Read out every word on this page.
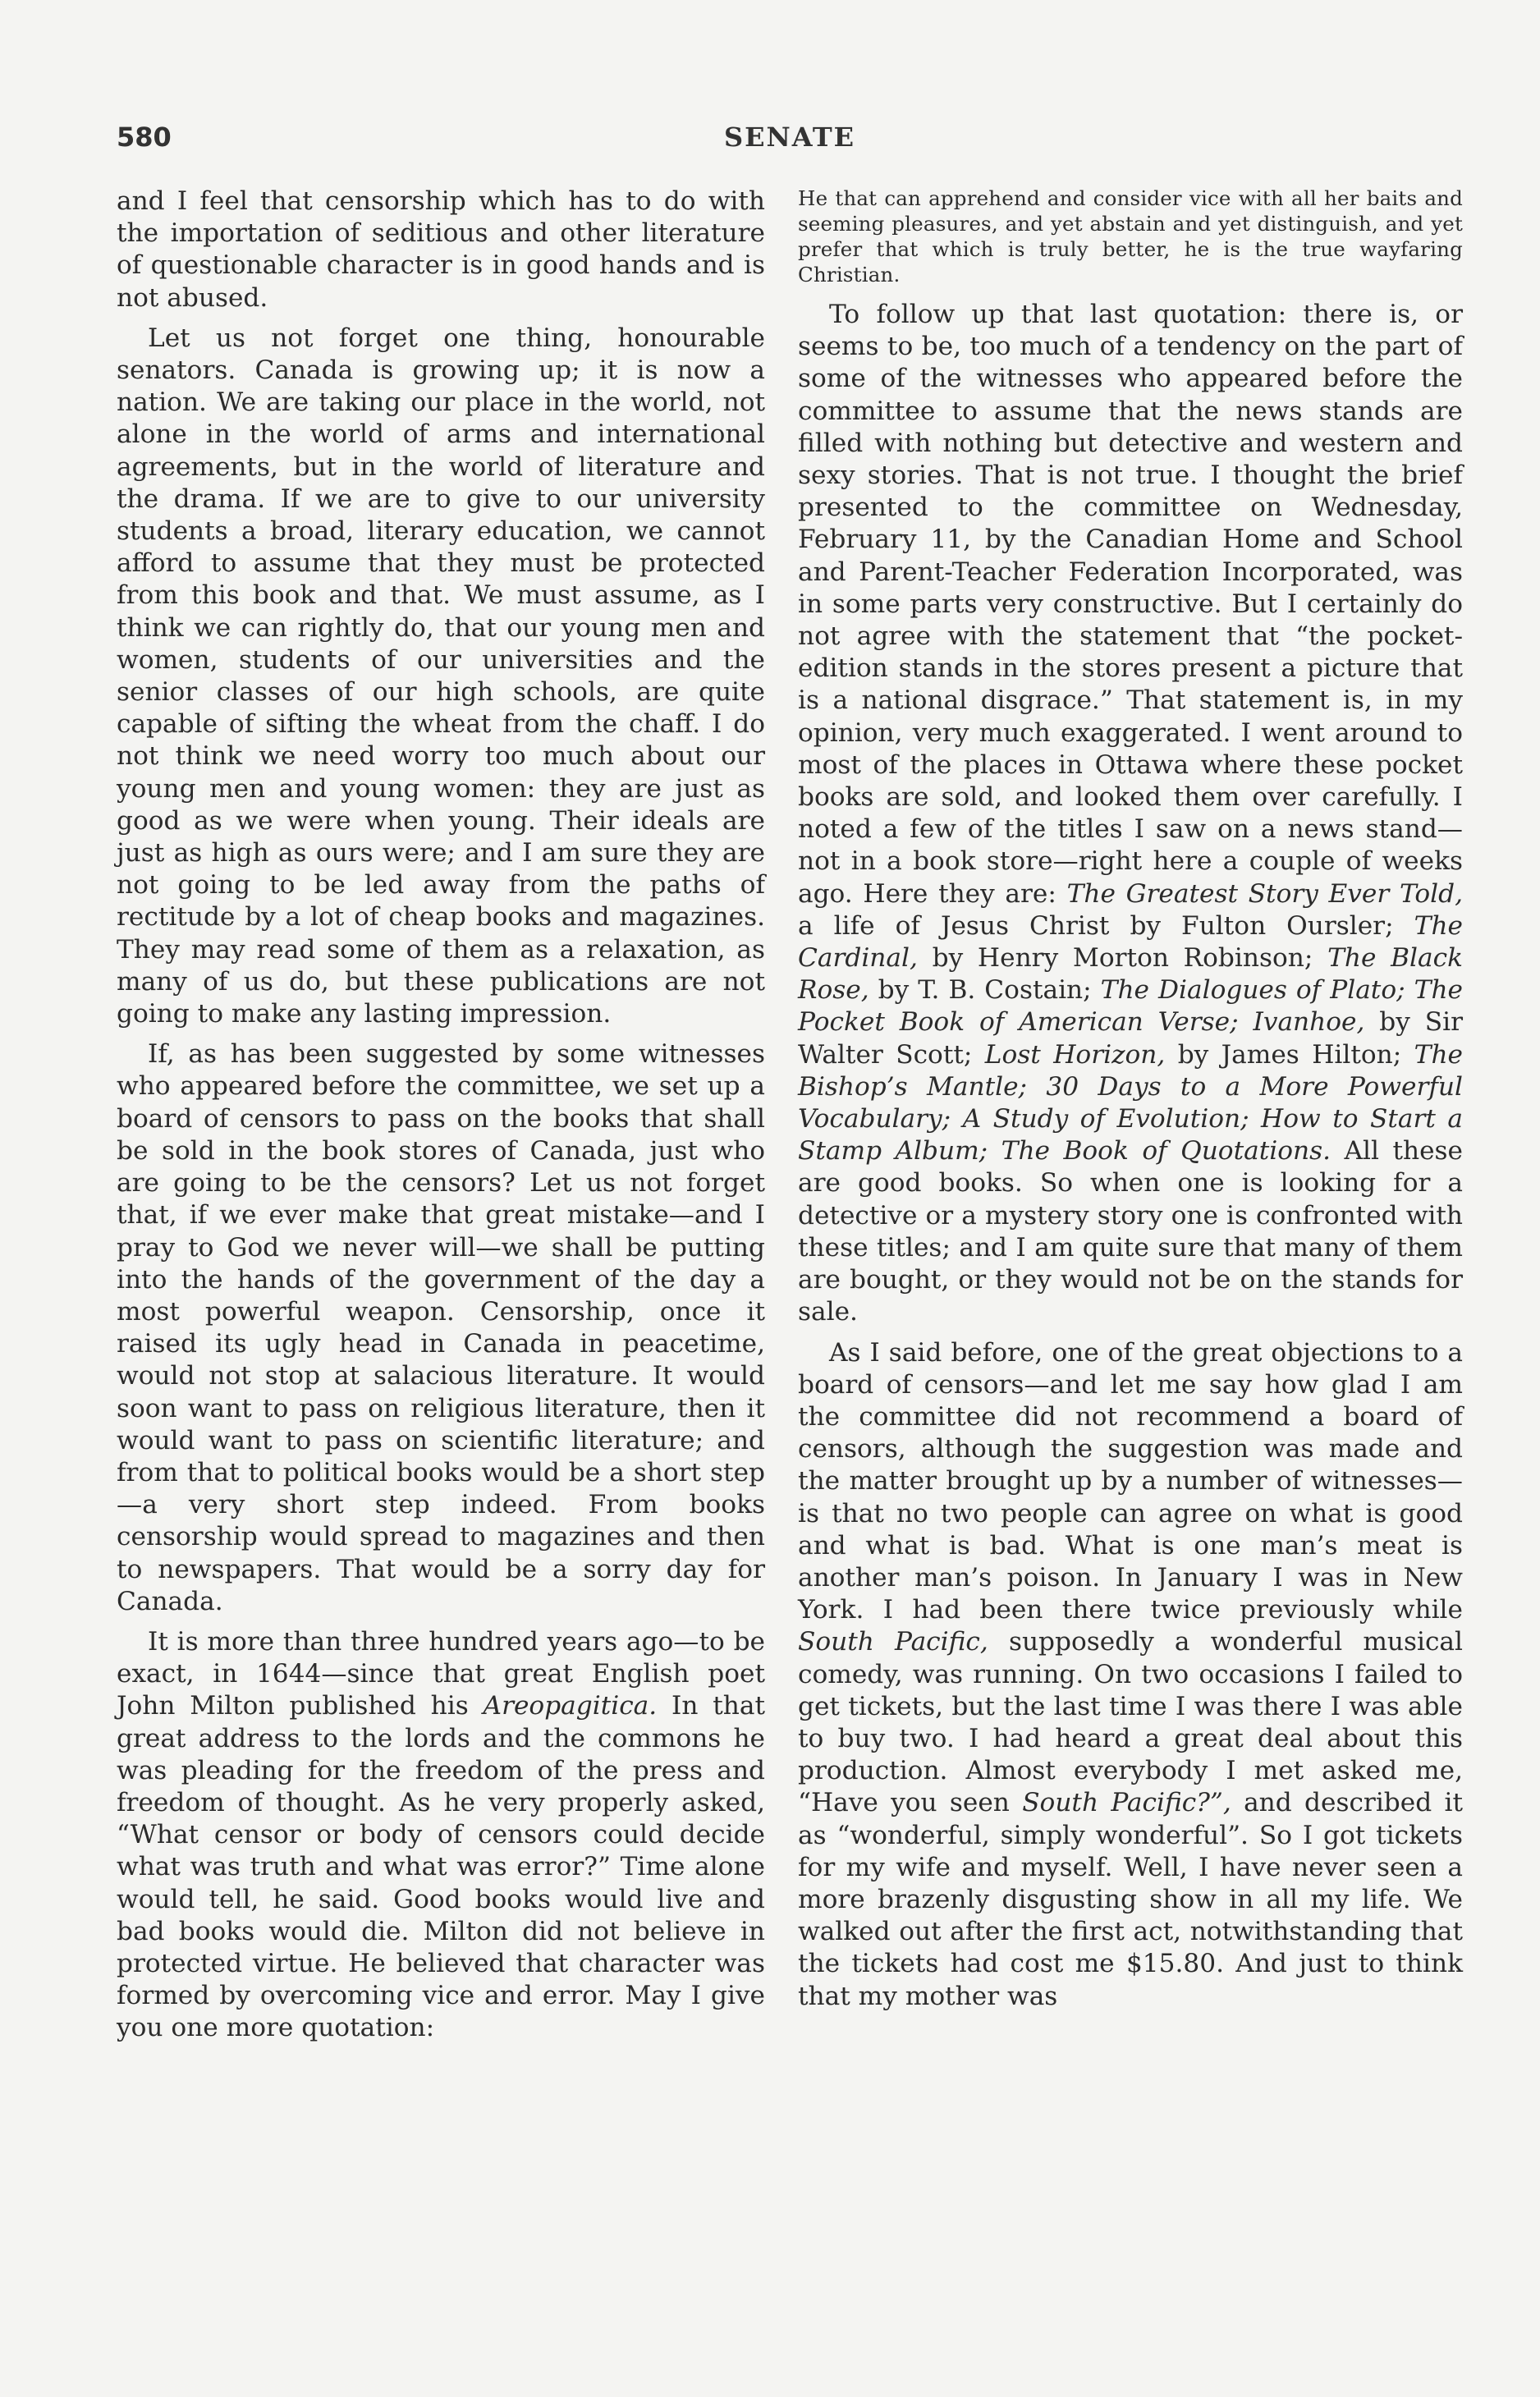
580	SENATE

and I feel that censorship which has to do with the importation of seditious and other literature of questionable character is in good hands and is not abused.

Let us not forget one thing, honourable senators. Canada is growing up; it is now a nation. We are taking our place in the world, not alone in the world of arms and international agreements, but in the world of literature and the drama. If we are to give to our university students a broad, literary education, we cannot afford to assume that they must be protected from this book and that. We must assume, as I think we can rightly do, that our young men and women, students of our universities and the senior classes of our high schools, are quite capable of sifting the wheat from the chaff. I do not think we need worry too much about our young men and young women: they are just as good as we were when young. Their ideals are just as high as ours were; and I am sure they are not going to be led away from the paths of rectitude by a lot of cheap books and magazines. They may read some of them as a relaxation, as many of us do, but these publications are not going to make any lasting impression.

If, as has been suggested by some witnesses who appeared before the committee, we set up a board of censors to pass on the books that shall be sold in the book stores of Canada, just who are going to be the censors? Let us not forget that, if we ever make that great mistake—and I pray to God we never will—we shall be putting into the hands of the government of the day a most powerful weapon. Censorship, once it raised its ugly head in Canada in peacetime, would not stop at salacious literature. It would soon want to pass on religious literature, then it would want to pass on scientific literature; and from that to political books would be a short step—a very short step indeed. From books censorship would spread to magazines and then to newspapers. That would be a sorry day for Canada.

It is more than three hundred years ago—to be exact, in 1644—since that great English poet John Milton published his Areopagitica. In that great address to the lords and the commons he was pleading for the freedom of the press and freedom of thought. As he very properly asked, “What censor or body of censors could decide what was truth and what was error?” Time alone would tell, he said. Good books would live and bad books would die. Milton did not believe in protected virtue. He believed that character was formed by overcoming vice and error. May I give you one more quotation:

He that can apprehend and consider vice with all her baits and seeming pleasures, and yet abstain and yet distinguish, and yet prefer that which is truly better, he is the true wayfaring Christian.

To follow up that last quotation: there is, or seems to be, too much of a tendency on the part of some of the witnesses who appeared before the committee to assume that the news stands are filled with nothing but detective and western and sexy stories. That is not true. I thought the brief presented to the committee on Wednesday, February 11, by the Canadian Home and School and Parent-Teacher Federation Incorporated, was in some parts very constructive. But I certainly do not agree with the statement that “the pocket-edition stands in the stores present a picture that is a national disgrace.” That statement is, in my opinion, very much exaggerated. I went around to most of the places in Ottawa where these pocket books are sold, and looked them over carefully. I noted a few of the titles I saw on a news stand—not in a book store—right here a couple of weeks ago. Here they are: The Greatest Story Ever Told, a life of Jesus Christ by Fulton Oursler; The Cardinal, by Henry Morton Robinson; The Black Rose, by T. B. Costain; The Dialogues of Plato; The Pocket Book of American Verse; Ivanhoe, by Sir Walter Scott; Lost Horizon, by James Hilton; The Bishop’s Mantle; 30 Days to a More Powerful Vocabulary; A Study of Evolution; How to Start a Stamp Album; The Book of Quotations. All these are good books. So when one is looking for a detective or a mystery story one is confronted with these titles; and I am quite sure that many of them are bought, or they would not be on the stands for sale.

As I said before, one of the great objections to a board of censors—and let me say how glad I am the committee did not recommend a board of censors, although the suggestion was made and the matter brought up by a number of witnesses—is that no two people can agree on what is good and what is bad. What is one man’s meat is another man’s poison. In January I was in New York. I had been there twice previously while South Pacific, supposedly a wonderful musical comedy, was running. On two occasions I failed to get tickets, but the last time I was there I was able to buy two. I had heard a great deal about this production. Almost everybody I met asked me, “Have you seen South Pacific?”, and described it as “wonderful, simply wonderful”. So I got tickets for my wife and myself. Well, I have never seen a more brazenly disgusting show in all my life. We walked out after the first act, notwithstanding that the tickets had cost me $15.80. And just to think that my mother was
